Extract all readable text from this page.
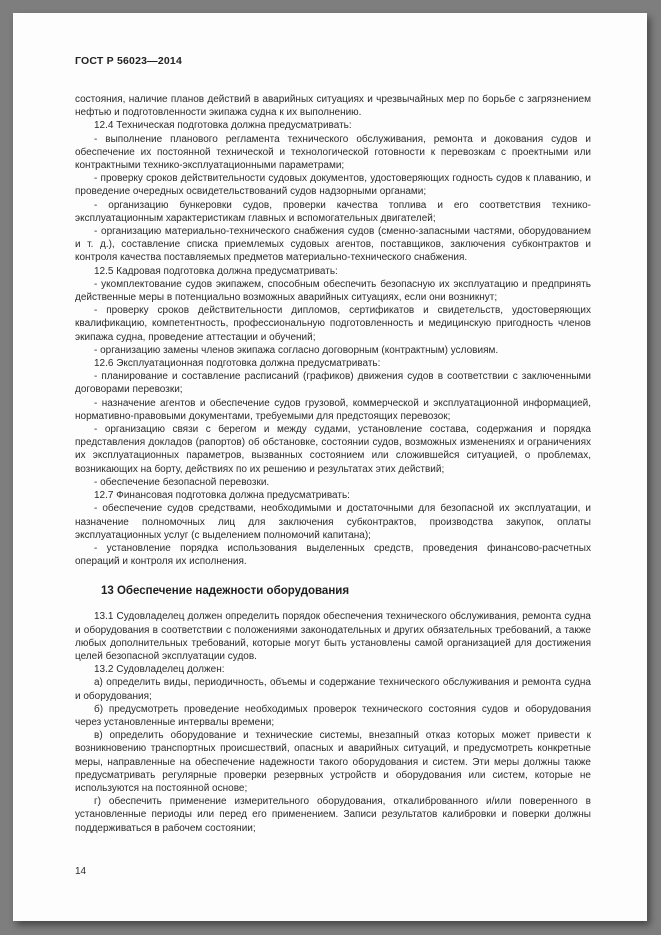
ГОСТ Р 56023—2014

состояния, наличие планов действий в аварийных ситуациях и чрезвычайных мер по борьбе с загрязнением нефтью и подготовленности экипажа судна к их выполнению.

12.4 Техническая подготовка должна предусматривать:

- выполнение планового регламента технического обслуживания, ремонта и докования судов и обеспечение их постоянной технической и технологической готовности к перевозкам с проектными или контрактными технико-эксплуатационными параметрами;

- проверку сроков действительности судовых документов, удостоверяющих годность судов к плаванию, и проведение очередных освидетельствований судов надзорными органами;

- организацию бункеровки судов, проверки качества топлива и его соответствия технико-эксплуатационным характеристикам главных и вспомогательных двигателей;

- организацию материально-технического снабжения судов (сменно-запасными частями, оборудованием и т. д.), составление списка приемлемых судовых агентов, поставщиков, заключения субконтрактов и контроля качества поставляемых предметов материально-технического снабжения.

12.5 Кадровая подготовка должна предусматривать:

- укомплектование судов экипажем, способным обеспечить безопасную их эксплуатацию и предпринять действенные меры в потенциально возможных аварийных ситуациях, если они возникнут;

- проверку сроков действительности дипломов, сертификатов и свидетельств, удостоверяющих квалификацию, компетентность, профессиональную подготовленность и медицинскую пригодность членов экипажа судна, проведение аттестации и обучений;

- организацию замены членов экипажа согласно договорным (контрактным) условиям.

12.6 Эксплуатационная подготовка должна предусматривать:

- планирование и составление расписаний (графиков) движения судов в соответствии с заключенными договорами перевозки;

- назначение агентов и обеспечение судов грузовой, коммерческой и эксплуатационной информацией, нормативно-правовыми документами, требуемыми для предстоящих перевозок;

- организацию связи с берегом и между судами, установление состава, содержания и порядка представления докладов (рапортов) об обстановке, состоянии судов, возможных изменениях и ограничениях их эксплуатационных параметров, вызванных состоянием или сложившейся ситуацией, о проблемах, возникающих на борту, действиях по их решению и результатах этих действий;

- обеспечение безопасной перевозки.

12.7 Финансовая подготовка должна предусматривать:

- обеспечение судов средствами, необходимыми и достаточными для безопасной их эксплуатации, и назначение полномочных лиц для заключения субконтрактов, производства закупок, оплаты эксплуатационных услуг (с выделением полномочий капитана);

- установление порядка использования выделенных средств, проведения финансово-расчетных операций и контроля их исполнения.

13 Обеспечение надежности оборудования

13.1 Судовладелец должен определить порядок обеспечения технического обслуживания, ремонта судна и оборудования в соответствии с положениями законодательных и других обязательных требований, а также любых дополнительных требований, которые могут быть установлены самой организацией для достижения целей безопасной эксплуатации судов.

13.2 Судовладелец должен:

а) определить виды, периодичность, объемы и содержание технического обслуживания и ремонта судна и оборудования;

б) предусмотреть проведение необходимых проверок технического состояния судов и оборудования через установленные интервалы времени;

в) определить оборудование и технические системы, внезапный отказ которых может привести к возникновению транспортных происшествий, опасных и аварийных ситуаций, и предусмотреть конкретные меры, направленные на обеспечение надежности такого оборудования и систем. Эти меры должны также предусматривать регулярные проверки резервных устройств и оборудования или систем, которые не используются на постоянной основе;

г) обеспечить применение измерительного оборудования, откалиброванного и/или поверенного в установленные периоды или перед его применением. Записи результатов калибровки и поверки должны поддерживаться в рабочем состоянии;

14
